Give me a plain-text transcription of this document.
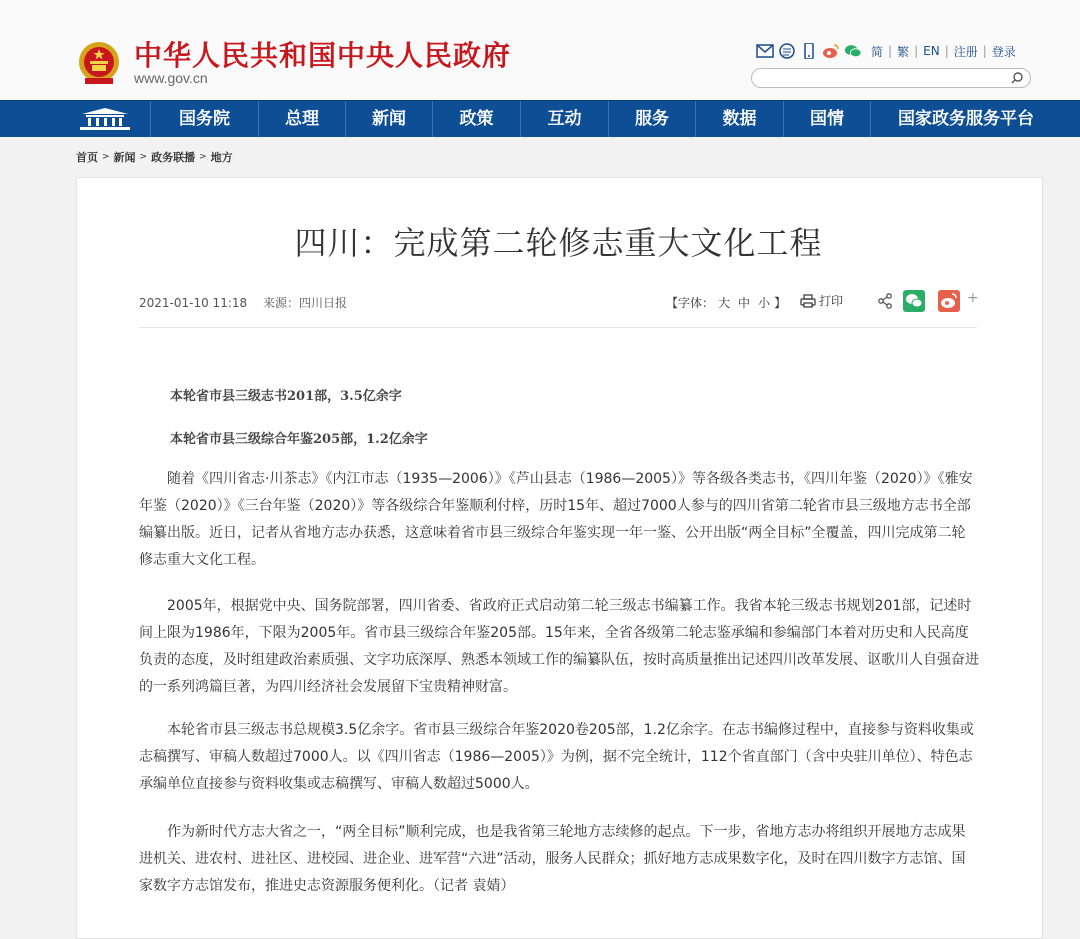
中华人民共和国中央人民政府
www.gov.cn
简 | 繁 | EN | 注册 | 登录
国务院	总理	新闻	政策	互动	服务	数据	国情	国家政务服务平台
首页 > 新闻 > 政务联播 > 地方
四川：完成第二轮修志重大文化工程
2021-01-10 11:18 来源：四川日报	【字体： 大 中 小 】	打印	+
本轮省市县三级志书201部，3.5亿余字
本轮省市县三级综合年鉴205部，1.2亿余字
随着《四川省志·川茶志》《内江市志（1935—2006）》《芦山县志（1986—2005）》等各级各类志书，《四川年鉴（2020）》《雅安年鉴（2020）》《三台年鉴（2020）》等各级综合年鉴顺利付梓，历时15年、超过7000人参与的四川省第二轮省市县三级地方志书全部编纂出版。近日，记者从省地方志办获悉，这意味着省市县三级综合年鉴实现一年一鉴、公开出版“两全目标”全覆盖，四川完成第二轮修志重大文化工程。
2005年，根据党中央、国务院部署，四川省委、省政府正式启动第二轮三级志书编纂工作。我省本轮三级志书规划201部，记述时间上限为1986年，下限为2005年。省市县三级综合年鉴205部。15年来，全省各级第二轮志鉴承编和参编部门本着对历史和人民高度负责的态度，及时组建政治素质强、文字功底深厚、熟悉本领域工作的编纂队伍，按时高质量推出记述四川改革发展、讴歌川人自强奋进的一系列鸿篇巨著，为四川经济社会发展留下宝贵精神财富。
本轮省市县三级志书总规模3.5亿余字。省市县三级综合年鉴2020卷205部，1.2亿余字。在志书编修过程中，直接参与资料收集或志稿撰写、审稿人数超过7000人。以《四川省志（1986—2005）》为例，据不完全统计，112个省直部门（含中央驻川单位）、特色志承编单位直接参与资料收集或志稿撰写、审稿人数超过5000人。
作为新时代方志大省之一，“两全目标”顺利完成，也是我省第三轮地方志续修的起点。下一步，省地方志办将组织开展地方志成果进机关、进农村、进社区、进校园、进企业、进军营“六进”活动，服务人民群众；抓好地方志成果数字化，及时在四川数字方志馆、国家数字方志馆发布，推进史志资源服务便利化。（记者 袁婧）
